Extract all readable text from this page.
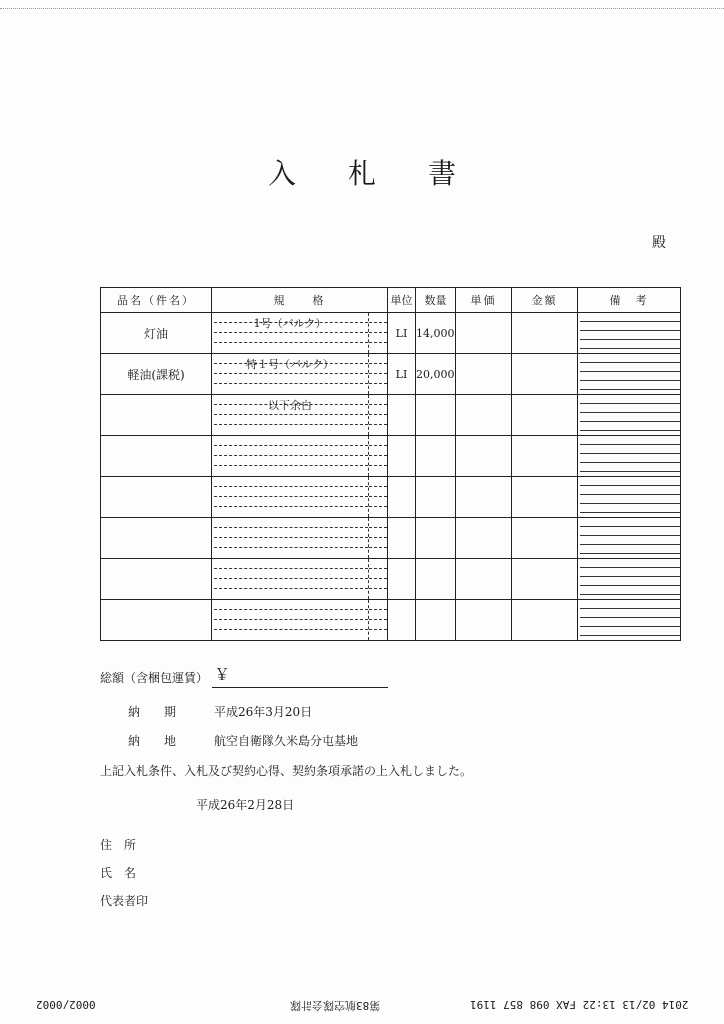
入 札 書
殿
品名（件名）	規　　格	単位	数量	単価	金額	備　考
灯油	1号（バルク）	LI	14,000			

軽油(課税)	特１号（バルク）	LI	20,000			

	以下余白					

総額（含梱包運賃） ￥
納　　期	平成26年3月20日
納　　地	航空自衛隊久米島分屯基地
上記入札条件、入札及び契約心得、契約条項承諾の上入札しました。
平成26年2月28日
住　所
氏　名
代表者印
2014 02/13 13:22 FAX 098 857 1191
第83航空隊会計隊
0002/0002
